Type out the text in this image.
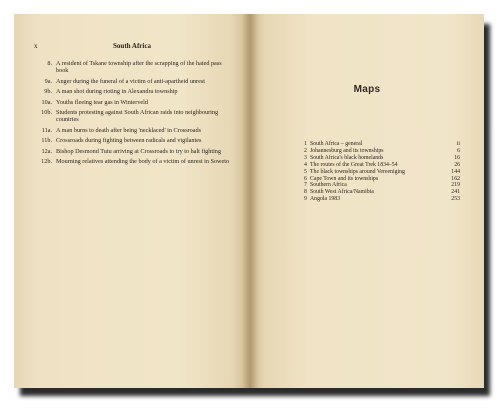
x	South Africa
8. A resident of Tskane township after the scrapping of the hated pass book
9a. Anger during the funeral of a victim of anti-apartheid unrest
9b. A man shot during rioting in Alexandra township
10a. Youths fleeing tear gas in Winterveld
10b. Students protesting against South African raids into neighbouring countries
11a. A man burns to death after being 'necklaced' in Crossroads
11b. Crossroads during fighting between radicals and vigilantes
12a. Bishop Desmond Tutu arriving at Crossroads to try to halt fighting
12b. Mourning relatives attending the body of a victim of unrest in Soweto
Maps
1 South Africa – general	ii
2 Johannesburg and its townships	6
3 South Africa's black homelands	16
4 The routes of the Great Trek 1834–54	26
5 The black townships around Vereeniging	144
6 Cape Town and its townships	162
7 Southern Africa	219
8 South West Africa/Namibia	241
9 Angola 1983	253
